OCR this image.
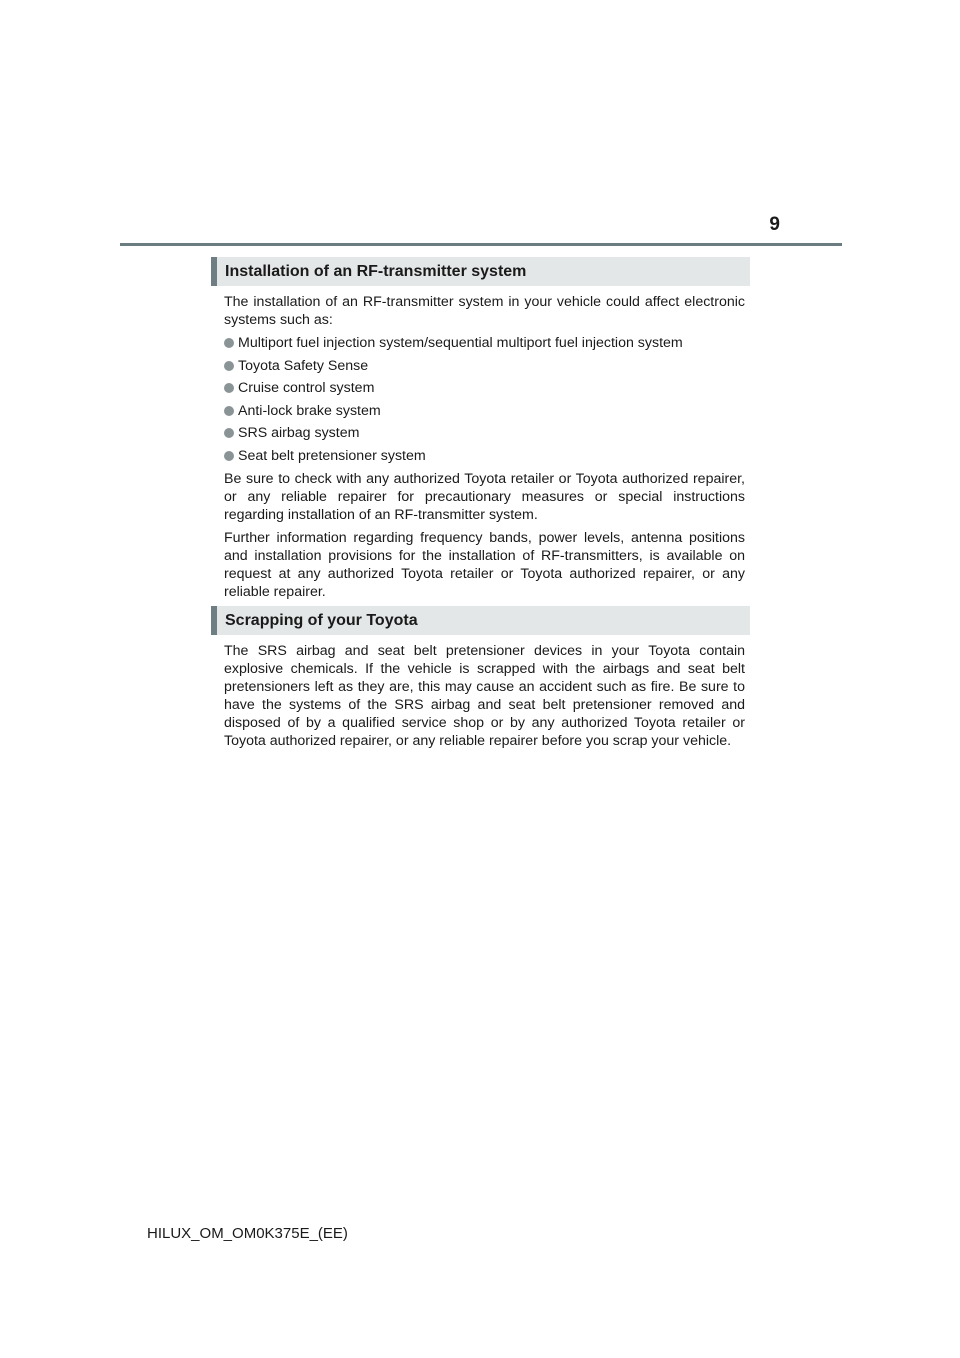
9
Installation of an RF-transmitter system

The installation of an RF-transmitter system in your vehicle could affect electronic systems such as:

Multiport fuel injection system/sequential multiport fuel injection system
Toyota Safety Sense
Cruise control system
Anti-lock brake system
SRS airbag system
Seat belt pretensioner system

Be sure to check with any authorized Toyota retailer or Toyota authorized repairer, or any reliable repairer for precautionary measures or special instructions regarding installation of an RF-transmitter system.

Further information regarding frequency bands, power levels, antenna positions and installation provisions for the installation of RF-transmitters, is available on request at any authorized Toyota retailer or Toyota authorized repairer, or any reliable repairer.

Scrapping of your Toyota

The SRS airbag and seat belt pretensioner devices in your Toyota contain explosive chemicals. If the vehicle is scrapped with the airbags and seat belt pretensioners left as they are, this may cause an accident such as fire. Be sure to have the systems of the SRS airbag and seat belt pretensioner removed and disposed of by a qualified service shop or by any authorized Toyota retailer or Toyota authorized repairer, or any reliable repairer before you scrap your vehicle.

HILUX_OM_OM0K375E_(EE)
